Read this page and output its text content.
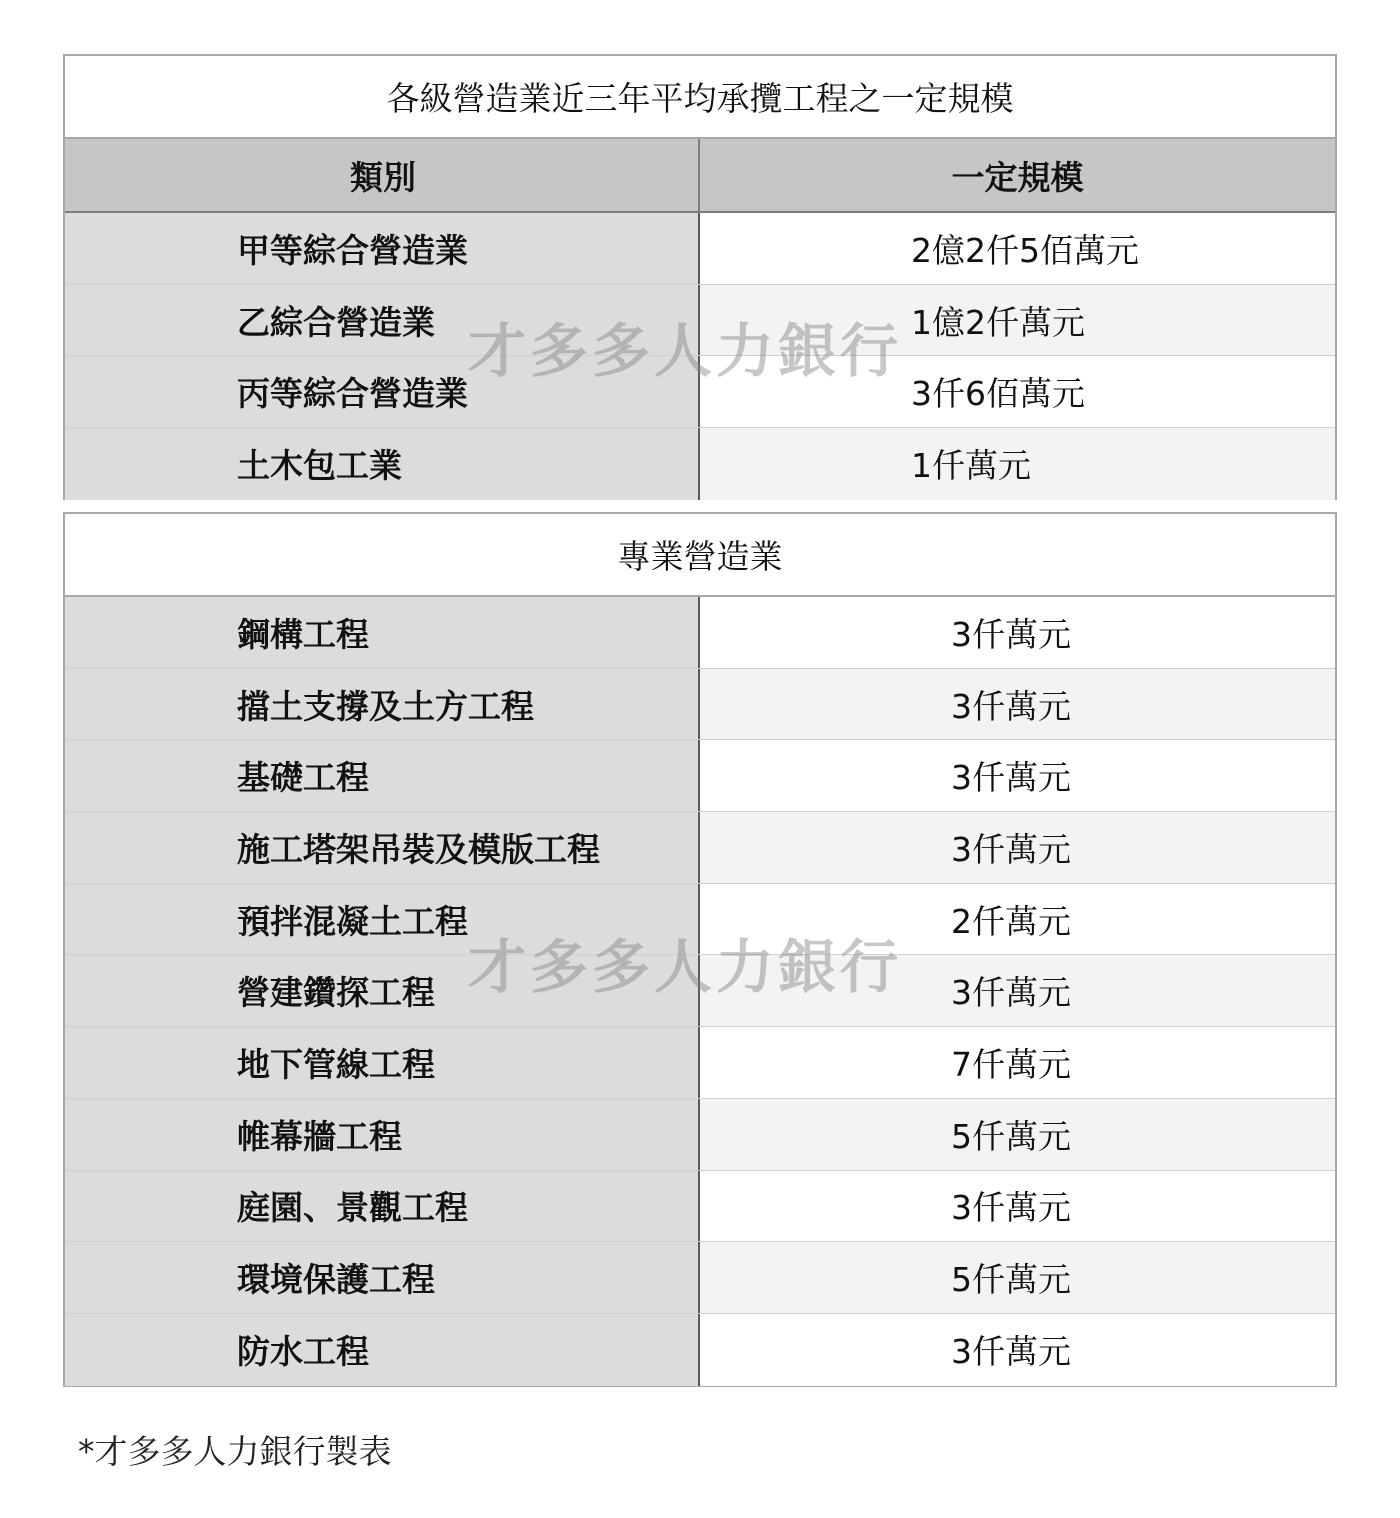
各級營造業近三年平均承攬工程之一定規模
類別	一定規模
甲等綜合營造業	2億2仟5佰萬元
乙綜合營造業	1億2仟萬元
丙等綜合營造業	3仟6佰萬元
土木包工業	1仟萬元
專業營造業
鋼構工程	3仟萬元
擋土支撐及土方工程	3仟萬元
基礎工程	3仟萬元
施工塔架吊裝及模版工程	3仟萬元
預拌混凝土工程	2仟萬元
營建鑽探工程	3仟萬元
地下管線工程	7仟萬元
帷幕牆工程	5仟萬元
庭園、景觀工程	3仟萬元
環境保護工程	5仟萬元
防水工程	3仟萬元
才多多人力銀行
才多多人力銀行
*才多多人力銀行製表
